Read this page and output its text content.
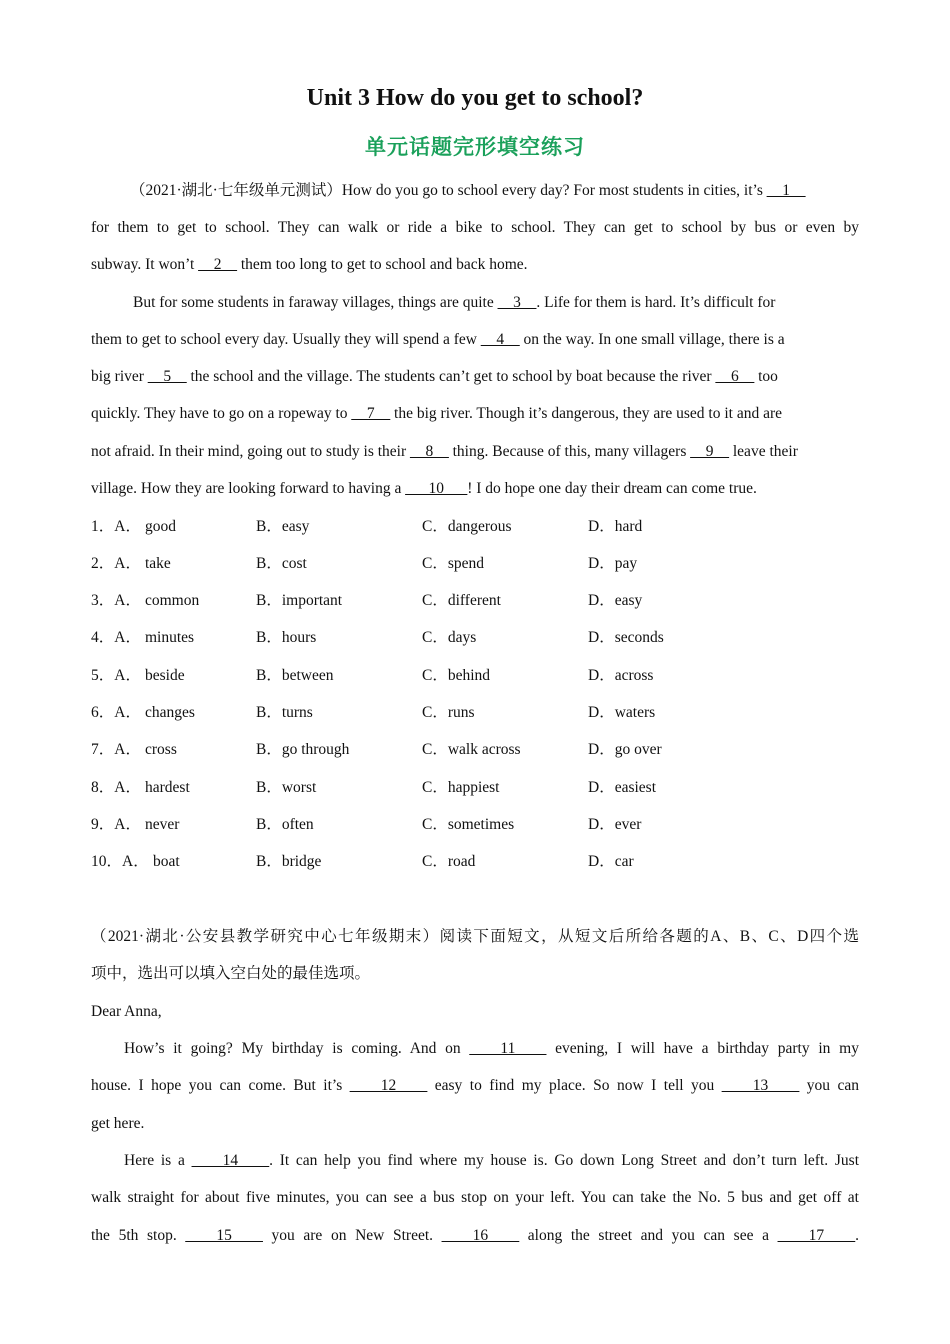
Unit 3 How do you get to school?
单元话题完形填空练习
（2021·湖北·七年级单元测试）How do you go to school every day? For most students in cities, it’s __1__
for them to get to school. They can walk or ride a bike to school. They can get to school by bus or even by
subway. It won’t __2__ them too long to get to school and back home.
But for some students in faraway villages, things are quite __3__. Life for them is hard. It’s difficult for
them to get to school every day. Usually they will spend a few __4__ on the way. In one small village, there is a
big river __5__ the school and the village. The students can’t get to school by boat because the river __6__ too
quickly. They have to go on a ropeway to __7__ the big river. Though it’s dangerous, they are used to it and are
not afraid. In their mind, going out to study is their __8__ thing. Because of this, many villagers __9__ leave their
village. How they are looking forward to having a ___10___! I do hope one day their dream can come true.
1．A． good	B．easy	C．dangerous	D．hard
2．A． take	B．cost	C．spend	D．pay
3．A． common	B．important	C．different	D．easy
4．A． minutes	B．hours	C．days	D．seconds
5．A． beside	B．between	C．behind	D．across
6．A． changes	B．turns	C．runs	D．waters
7．A． cross	B．go through	C．walk across	D．go over
8．A． hardest	B．worst	C．happiest	D．easiest
9．A． never	B．often	C．sometimes	D．ever
10．A． boat	B．bridge	C．road	D．car
（2021·湖北·公安县教学研究中心七年级期末）阅读下面短文，从短文后所给各题的A、B、C、D四个选
项中，选出可以填入空白处的最佳选项。
Dear Anna,
How’s it going? My birthday is coming. And on ____11____ evening, I will have a birthday party in my
house. I hope you can come. But it’s ____12____ easy to find my place. So now I tell you ____13____ you can
get here.
Here is a ____14____. It can help you find where my house is. Go down Long Street and don’t turn left. Just
walk straight for about five minutes, you can see a bus stop on your left. You can take the No. 5 bus and get off at
the 5th stop. ____15____ you are on New Street. ____16____ along the street and you can see a ____17____.
